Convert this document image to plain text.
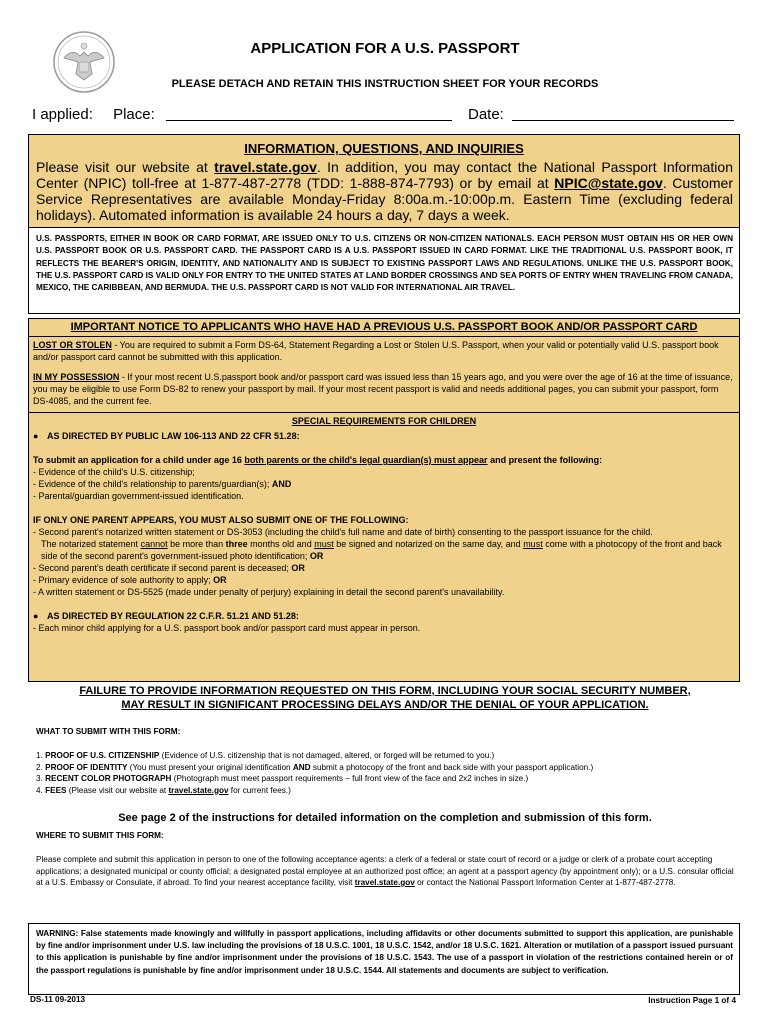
APPLICATION FOR A U.S. PASSPORT
PLEASE DETACH AND RETAIN THIS INSTRUCTION SHEET FOR YOUR RECORDS
I applied: Place:	Date:
INFORMATION, QUESTIONS, AND INQUIRIES
Please visit our website at travel.state.gov. In addition, you may contact the National Passport Information Center (NPIC) toll-free at 1-877-487-2778 (TDD: 1-888-874-7793) or by email at NPIC@state.gov. Customer Service Representatives are available Monday-Friday 8:00a.m.-10:00p.m. Eastern Time (excluding federal holidays). Automated information is available 24 hours a day, 7 days a week.
U.S. PASSPORTS, EITHER IN BOOK OR CARD FORMAT, ARE ISSUED ONLY TO U.S. CITIZENS OR NON-CITIZEN NATIONALS. EACH PERSON MUST OBTAIN HIS OR HER OWN U.S. PASSPORT BOOK OR U.S. PASSPORT CARD. THE PASSPORT CARD IS A U.S. PASSPORT ISSUED IN CARD FORMAT. LIKE THE TRADITIONAL U.S. PASSPORT BOOK, IT REFLECTS THE BEARER'S ORIGIN, IDENTITY, AND NATIONALITY AND IS SUBJECT TO EXISTING PASSPORT LAWS AND REGULATIONS. UNLIKE THE U.S. PASSPORT BOOK, THE U.S. PASSPORT CARD IS VALID ONLY FOR ENTRY TO THE UNITED STATES AT LAND BORDER CROSSINGS AND SEA PORTS OF ENTRY WHEN TRAVELING FROM CANADA, MEXICO, THE CARIBBEAN, AND BERMUDA. THE U.S. PASSPORT CARD IS NOT VALID FOR INTERNATIONAL AIR TRAVEL.
IMPORTANT NOTICE TO APPLICANTS WHO HAVE HAD A PREVIOUS U.S. PASSPORT BOOK AND/OR PASSPORT CARD
LOST OR STOLEN - You are required to submit a Form DS-64, Statement Regarding a Lost or Stolen U.S. Passport, when your valid or potentially valid U.S. passport book and/or passport card cannot be submitted with this application.
IN MY POSSESSION - If your most recent U.S.passport book and/or passport card was issued less than 15 years ago, and you were over the age of 16 at the time of issuance, you may be eligible to use Form DS-82 to renew your passport by mail. If your most recent passport is valid and needs additional pages, you can submit your passport, form DS-4085, and the current fee.
SPECIAL REQUIREMENTS FOR CHILDREN
● AS DIRECTED BY PUBLIC LAW 106-113 AND 22 CFR 51.28:
To submit an application for a child under age 16 both parents or the child's legal guardian(s) must appear and present the following:
- Evidence of the child's U.S. citizenship;
- Evidence of the child's relationship to parents/guardian(s); AND
- Parental/guardian government-issued identification.
IF ONLY ONE PARENT APPEARS, YOU MUST ALSO SUBMIT ONE OF THE FOLLOWING:
- Second parent's notarized written statement or DS-3053 (including the child's full name and date of birth) consenting to the passport issuance for the child.
The notarized statement cannot be more than three months old and must be signed and notarized on the same day, and must come with a photocopy of the front and back side of the second parent's government-issued photo identification; OR
- Second parent's death certificate if second parent is deceased; OR
- Primary evidence of sole authority to apply; OR
- A written statement or DS-5525 (made under penalty of perjury) explaining in detail the second parent's unavailability.
● AS DIRECTED BY REGULATION 22 C.F.R. 51.21 AND 51.28:
- Each minor child applying for a U.S. passport book and/or passport card must appear in person.
FAILURE TO PROVIDE INFORMATION REQUESTED ON THIS FORM, INCLUDING YOUR SOCIAL SECURITY NUMBER,
MAY RESULT IN SIGNIFICANT PROCESSING DELAYS AND/OR THE DENIAL OF YOUR APPLICATION.
WHAT TO SUBMIT WITH THIS FORM:
1. PROOF OF U.S. CITIZENSHIP (Evidence of U.S. citizenship that is not damaged, altered, or forged will be returned to you.)
2. PROOF OF IDENTITY (You must present your original identification AND submit a photocopy of the front and back side with your passport application.)
3. RECENT COLOR PHOTOGRAPH (Photograph must meet passport requirements – full front view of the face and 2x2 inches in size.)
4. FEES (Please visit our website at travel.state.gov for current fees.)
See page 2 of the instructions for detailed information on the completion and submission of this form.
WHERE TO SUBMIT THIS FORM:
Please complete and submit this application in person to one of the following acceptance agents: a clerk of a federal or state court of record or a judge or clerk of a probate court accepting applications; a designated municipal or county official; a designated postal employee at an authorized post office; an agent at a passport agency (by appointment only); or a U.S. consular official at a U.S. Embassy or Consulate, if abroad. To find your nearest acceptance facility, visit travel.state.gov or contact the National Passport Information Center at 1-877-487-2778.
WARNING: False statements made knowingly and willfully in passport applications, including affidavits or other documents submitted to support this application, are punishable by fine and/or imprisonment under U.S. law including the provisions of 18 U.S.C. 1001, 18 U.S.C. 1542, and/or 18 U.S.C. 1621. Alteration or mutilation of a passport issued pursuant to this application is punishable by fine and/or imprisonment under the provisions of 18 U.S.C. 1543. The use of a passport in violation of the restrictions contained herein or of the passport regulations is punishable by fine and/or imprisonment under 18 U.S.C. 1544. All statements and documents are subject to verification.
DS-11 09-2013	Instruction Page 1 of 4
